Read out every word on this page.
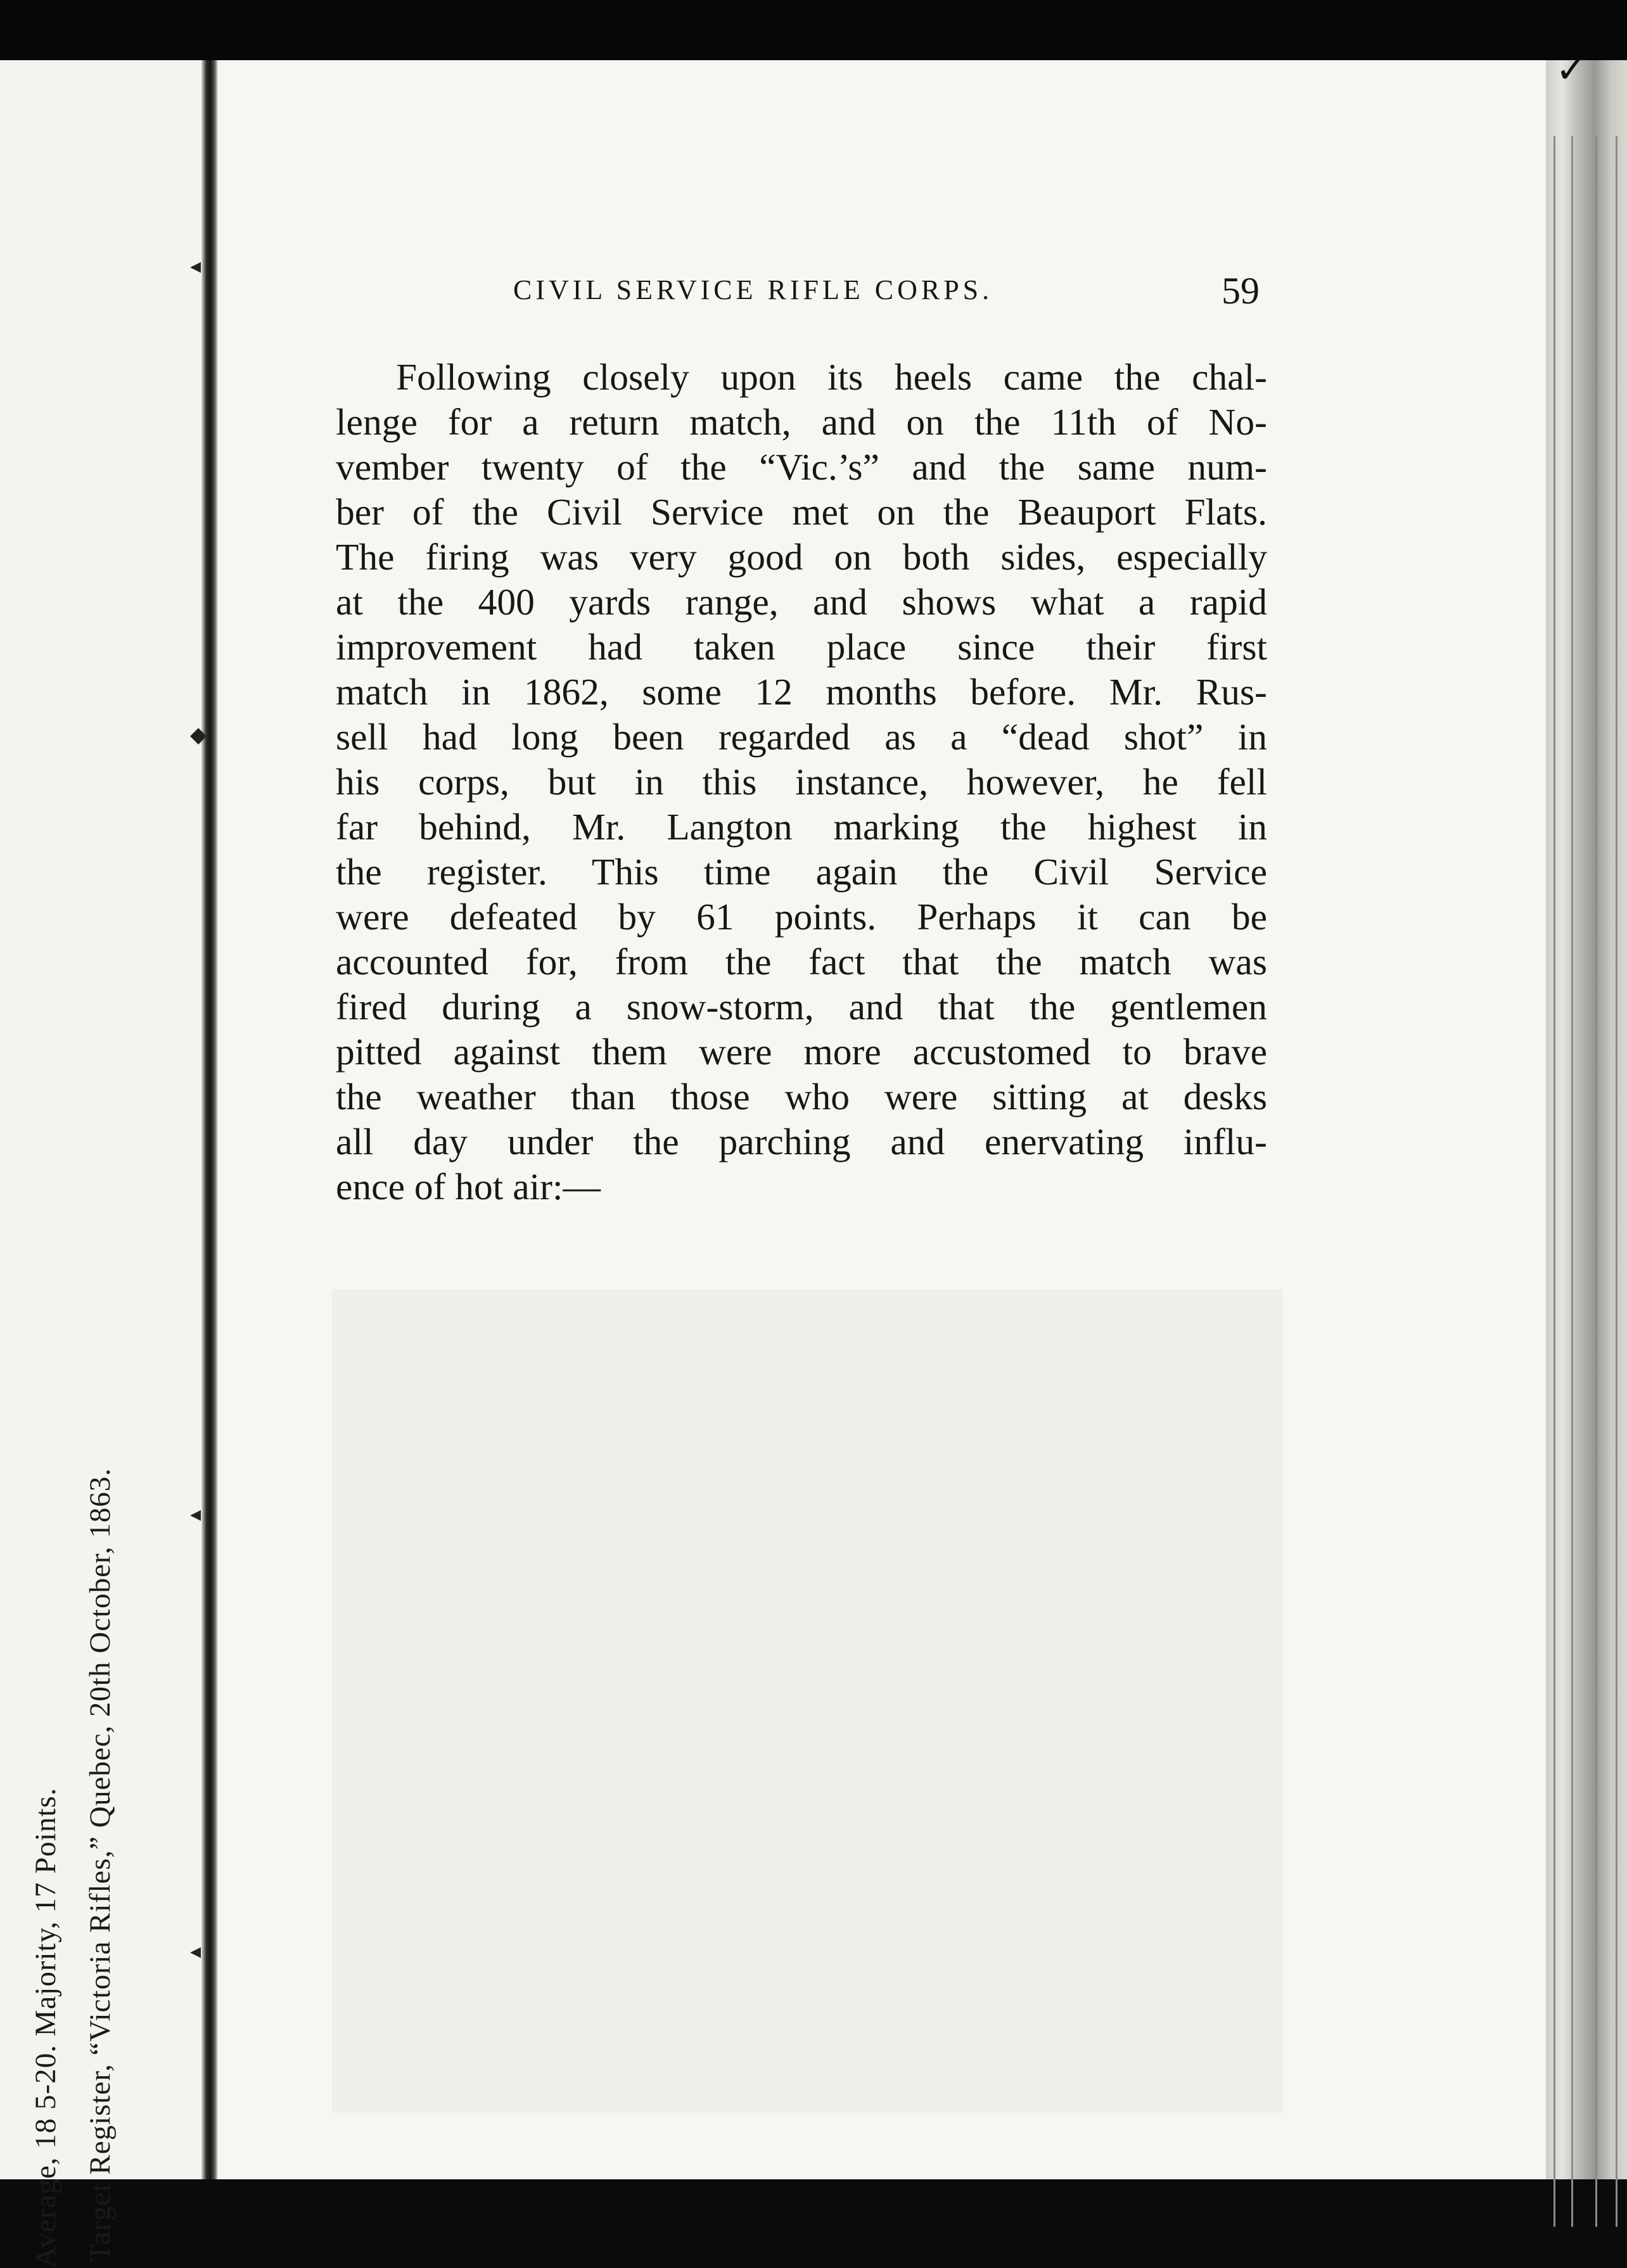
Average, 18 5-20. Majority, 17 Points. Target Register, “Victoria Rifles,” Quebec, 20th October, 1863.
◂
◆
◂
◂
✓
CIVIL SERVICE RIFLE CORPS.	59
Following closely upon its heels came the chal-
lenge for a return match, and on the 11th of No-
vember twenty of the “Vic.’s” and the same num-
ber of the Civil Service met on the Beauport Flats.
The firing was very good on both sides, especially
at the 400 yards range, and shows what a rapid
improvement had taken place since their first
match in 1862, some 12 months before. Mr. Rus-
sell had long been regarded as a “dead shot” in
his corps, but in this instance, however, he fell
far behind, Mr. Langton marking the highest in
the register. This time again the Civil Service
were defeated by 61 points. Perhaps it can be
accounted for, from the fact that the match was
fired during a snow-storm, and that the gentlemen
pitted against them were more accustomed to brave
the weather than those who were sitting at desks
all day under the parching and enervating influ-
ence of hot air:—
